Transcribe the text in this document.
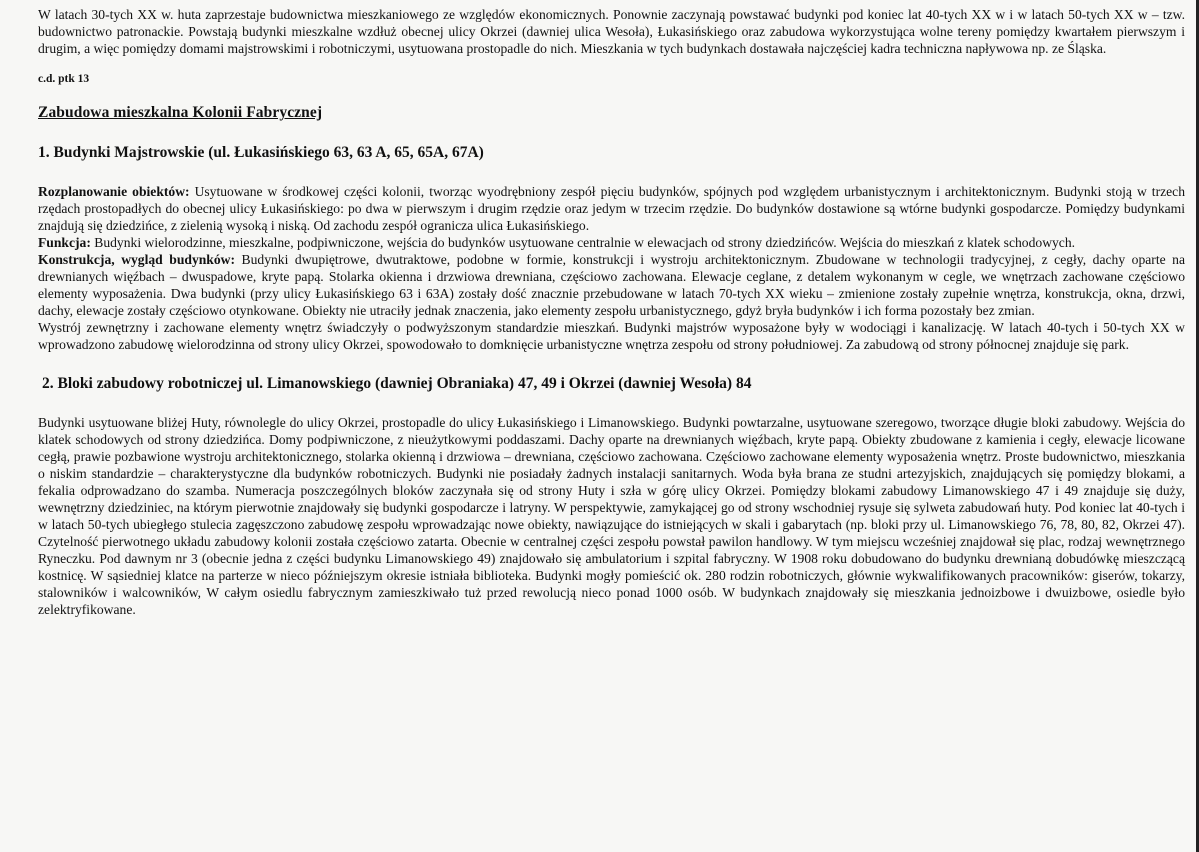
W latach 30-tych XX w. huta zaprzestaje budownictwa mieszkaniowego ze względów ekonomicznych. Ponownie zaczynają powstawać budynki pod koniec lat 40-tych XX w i w latach 50-tych XX w – tzw. budownictwo patronackie. Powstają budynki mieszkalne wzdłuż obecnej ulicy Okrzei (dawniej ulica Wesoła), Łukasińskiego oraz zabudowa wykorzystująca wolne tereny pomiędzy kwartałem pierwszym i drugim, a więc pomiędzy domami majstrowskimi i robotniczymi, usytuowana prostopadle do nich. Mieszkania w tych budynkach dostawała najczęściej kadra techniczna napływowa np. ze Śląska.

c.d. ptk 13

Zabudowa mieszkalna Kolonii Fabrycznej

1. Budynki Majstrowskie (ul. Łukasińskiego 63, 63 A, 65, 65A, 67A)

Rozplanowanie obiektów: Usytuowane w środkowej części kolonii, tworząc wyodrębniony zespół pięciu budynków, spójnych pod względem urbanistycznym i architektonicznym. Budynki stoją w trzech rzędach prostopadłych do obecnej ulicy Łukasińskiego: po dwa w pierwszym i drugim rzędzie oraz jedym w trzecim rzędzie. Do budynków dostawione są wtórne budynki gospodarcze. Pomiędzy budynkami znajdują się dziedzińce, z zielenią wysoką i niską. Od zachodu zespół ogranicza ulica Łukasińskiego.

Funkcja: Budynki wielorodzinne, mieszkalne, podpiwniczone, wejścia do budynków usytuowane centralnie w elewacjach od strony dziedzińców. Wejścia do mieszkań z klatek schodowych.

Konstrukcja, wygląd budynków: Budynki dwupiętrowe, dwutraktowe, podobne w formie, konstrukcji i wystroju architektonicznym. Zbudowane w technologii tradycyjnej, z cegły, dachy oparte na drewnianych więźbach – dwuspadowe, kryte papą. Stolarka okienna i drzwiowa drewniana, częściowo zachowana. Elewacje ceglane, z detalem wykonanym w cegle, we wnętrzach zachowane częściowo elementy wyposażenia. Dwa budynki (przy ulicy Łukasińskiego 63 i 63A) zostały dość znacznie przebudowane w latach 70-tych XX wieku – zmienione zostały zupełnie wnętrza, konstrukcja, okna, drzwi, dachy, elewacje zostały częściowo otynkowane. Obiekty nie utraciły jednak znaczenia, jako elementy zespołu urbanistycznego, gdyż bryła budynków i ich forma pozostały bez zmian.

Wystrój zewnętrzny i zachowane elementy wnętrz świadczyły o podwyższonym standardzie mieszkań. Budynki majstrów wyposażone były w wodociągi i kanalizację. W latach 40-tych i 50-tych XX w wprowadzono zabudowę wielorodzinna od strony ulicy Okrzei, spowodowało to domknięcie urbanistyczne wnętrza zespołu od strony południowej. Za zabudową od strony północnej znajduje się park.

2. Bloki zabudowy robotniczej ul. Limanowskiego (dawniej Obraniaka) 47, 49 i Okrzei (dawniej Wesoła) 84

Budynki usytuowane bliżej Huty, równolegle do ulicy Okrzei, prostopadle do ulicy Łukasińskiego i Limanowskiego. Budynki powtarzalne, usytuowane szeregowo, tworzące długie bloki zabudowy. Wejścia do klatek schodowych od strony dziedzińca. Domy podpiwniczone, z nieużytkowymi poddaszami. Dachy oparte na drewnianych więźbach, kryte papą. Obiekty zbudowane z kamienia i cegły, elewacje licowane cegłą, prawie pozbawione wystroju architektonicznego, stolarka okienną i drzwiowa – drewniana, częściowo zachowana. Częściowo zachowane elementy wyposażenia wnętrz. Proste budownictwo, mieszkania o niskim standardzie – charakterystyczne dla budynków robotniczych. Budynki nie posiadały żadnych instalacji sanitarnych. Woda była brana ze studni artezyjskich, znajdujących się pomiędzy blokami, a fekalia odprowadzano do szamba. Numeracja poszczególnych bloków zaczynała się od strony Huty i szła w górę ulicy Okrzei. Pomiędzy blokami zabudowy Limanowskiego 47 i 49 znajduje się duży, wewnętrzny dziedziniec, na którym pierwotnie znajdowały się budynki gospodarcze i latryny. W perspektywie, zamykającej go od strony wschodniej rysuje się sylweta zabudowań huty. Pod koniec lat 40-tych i w latach 50-tych ubiegłego stulecia zagęszczono zabudowę zespołu wprowadzając nowe obiekty, nawiązujące do istniejących w skali i gabarytach (np. bloki przy ul. Limanowskiego 76, 78, 80, 82, Okrzei 47). Czytelność pierwotnego układu zabudowy kolonii została częściowo zatarta. Obecnie w centralnej części zespołu powstał pawilon handlowy. W tym miejscu wcześniej znajdował się plac, rodzaj wewnętrznego Ryneczku. Pod dawnym nr 3 (obecnie jedna z części budynku Limanowskiego 49) znajdowało się ambulatorium i szpital fabryczny. W 1908 roku dobudowano do budynku drewnianą dobudówkę mieszczącą kostnicę. W sąsiedniej klatce na parterze w nieco późniejszym okresie istniała biblioteka. Budynki mogły pomieścić ok. 280 rodzin robotniczych, głównie wykwalifikowanych pracowników: giserów, tokarzy, stalowników i walcowników, W całym osiedlu fabrycznym zamieszkiwało tuż przed rewolucją nieco ponad 1000 osób. W budynkach znajdowały się mieszkania jednoizbowe i dwuizbowe, osiedle było zelektryfikowane.
